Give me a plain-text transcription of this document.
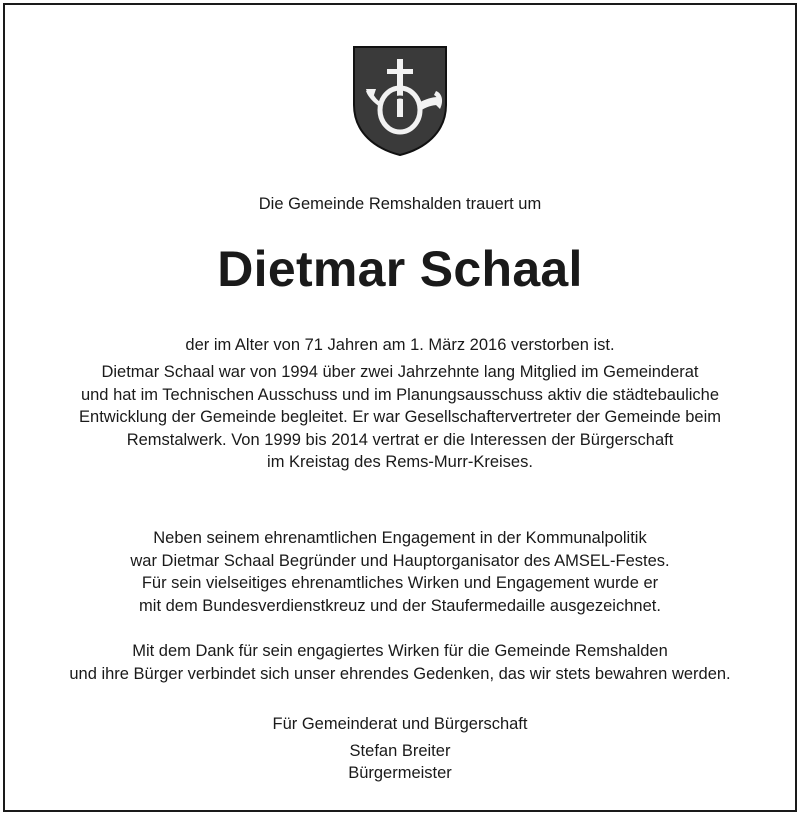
Die Gemeinde Remshalden trauert um
Dietmar Schaal
der im Alter von 71 Jahren am 1. März 2016 verstorben ist.
Dietmar Schaal war von 1994 über zwei Jahrzehnte lang Mitglied im Gemeinderat
und hat im Technischen Ausschuss und im Planungsausschuss aktiv die städtebauliche
Entwicklung der Gemeinde begleitet. Er war Gesellschaftervertreter der Gemeinde beim
Remstalwerk. Von 1999 bis 2014 vertrat er die Interessen der Bürgerschaft
im Kreistag des Rems-Murr-Kreises.
Neben seinem ehrenamtlichen Engagement in der Kommunalpolitik
war Dietmar Schaal Begründer und Hauptorganisator des AMSEL-Festes.
Für sein vielseitiges ehrenamtliches Wirken und Engagement wurde er
mit dem Bundesverdienstkreuz und der Staufermedaille ausgezeichnet.
Mit dem Dank für sein engagiertes Wirken für die Gemeinde Remshalden
und ihre Bürger verbindet sich unser ehrendes Gedenken, das wir stets bewahren werden.
Für Gemeinderat und Bürgerschaft
Stefan Breiter
Bürgermeister
